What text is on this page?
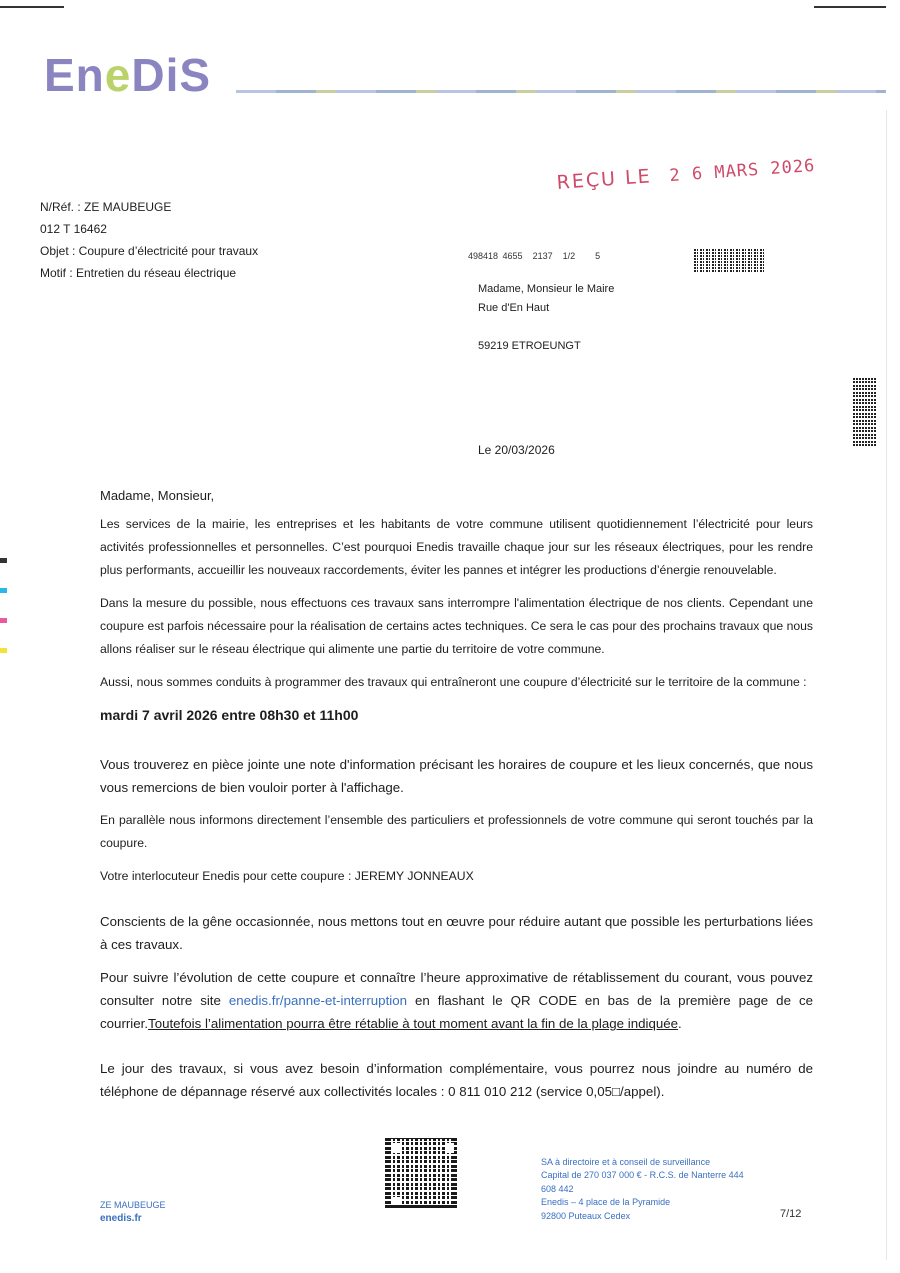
EneDiS
N/Réf. : ZE MAUBEUGE
012 T 16462
Objet : Coupure d’électricité pour travaux
Motif : Entretien du réseau électrique
REÇU LE 2 6 MARS 2026
498418 4655 2137 1/2 5
Madame, Monsieur le Maire
Rue d'En Haut
59219 ETROEUNGT
Le 20/03/2026

Madame, Monsieur,

Les services de la mairie, les entreprises et les habitants de votre commune utilisent quotidiennement l’électricité pour leurs activités professionnelles et personnelles. C’est pourquoi Enedis travaille chaque jour sur les réseaux électriques, pour les rendre plus performants, accueillir les nouveaux raccordements, éviter les pannes et intégrer les productions d’énergie renouvelable.

Dans la mesure du possible, nous effectuons ces travaux sans interrompre l'alimentation électrique de nos clients. Cependant une coupure est parfois nécessaire pour la réalisation de certains actes techniques. Ce sera le cas pour des prochains travaux que nous allons réaliser sur le réseau électrique qui alimente une partie du territoire de votre commune.

Aussi, nous sommes conduits à programmer des travaux qui entraîneront une coupure d’électricité sur le territoire de la commune :

mardi 7 avril 2026 entre 08h30 et 11h00

Vous trouverez en pièce jointe une note d'information précisant les horaires de coupure et les lieux concernés, que nous vous remercions de bien vouloir porter à l'affichage.

En parallèle nous informons directement l’ensemble des particuliers et professionnels de votre commune qui seront touchés par la coupure.

Votre interlocuteur Enedis pour cette coupure : JEREMY JONNEAUX

Conscients de la gêne occasionnée, nous mettons tout en œuvre pour réduire autant que possible les perturbations liées à ces travaux.

Pour suivre l’évolution de cette coupure et connaître l’heure approximative de rétablissement du courant, vous pouvez consulter notre site enedis.fr/panne-et-interruption en flashant le QR CODE en bas de la première page de ce courrier.Toutefois l’alimentation pourra être rétablie à tout moment avant la fin de la plage indiquée.

Le jour des travaux, si vous avez besoin d’information complémentaire, vous pourrez nous joindre au numéro de téléphone de dépannage réservé aux collectivités locales : 0 811 010 212 (service 0,05□/appel).

ZE MAUBEUGE
enedis.fr
SA à directoire et à conseil de surveillance
Capital de 270 037 000 € - R.C.S. de Nanterre 444
608 442
Enedis – 4 place de la Pyramide
92800 Puteaux Cedex	7/12
